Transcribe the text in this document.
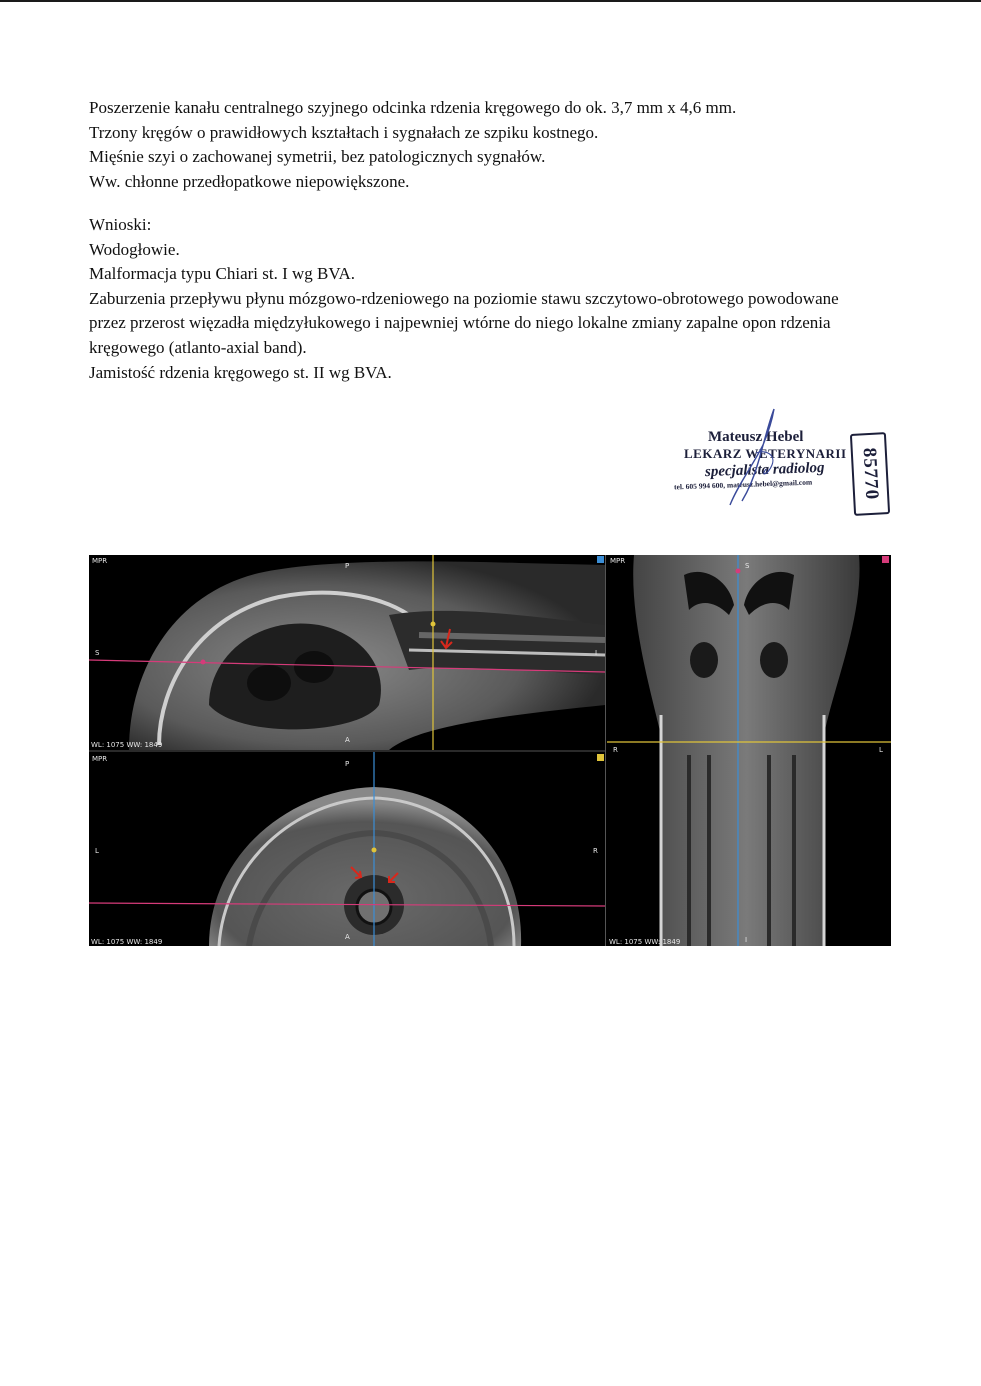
Poszerzenie kanału centralnego szyjnego odcinka rdzenia kręgowego do ok. 3,7 mm x 4,6 mm.
Trzony kręgów o prawidłowych kształtach i sygnałach ze szpiku kostnego.
Mięśnie szyi o zachowanej symetrii, bez patologicznych sygnałów.
Ww. chłonne przedłopatkowe niepowiększone.
Wnioski:
Wodogłowie.
Malformacja typu Chiari st. I wg BVA.
Zaburzenia przepływu płynu mózgowo-rdzeniowego na poziomie stawu szczytowo-obrotowego powodowane
przez przerost więzadła międzyłukowego i najpewniej wtórne do niego lokalne zmiany zapalne opon rdzenia
kręgowego (atlanto-axial band).
Jamistość rdzenia kręgowego st. II wg BVA.
Mateusz Hebel
LEKARZ WETERYNARII
specjalista radiolog
tel. 605 994 600, mateusz.hebel@gmail.com 85770
MPR
P
S	I
A
WL: 1075 WW: 1849
MPR
S
R	L
I
WL: 1075 WW: 1849
MPR
P
L	R
A
WL: 1075 WW: 1849
